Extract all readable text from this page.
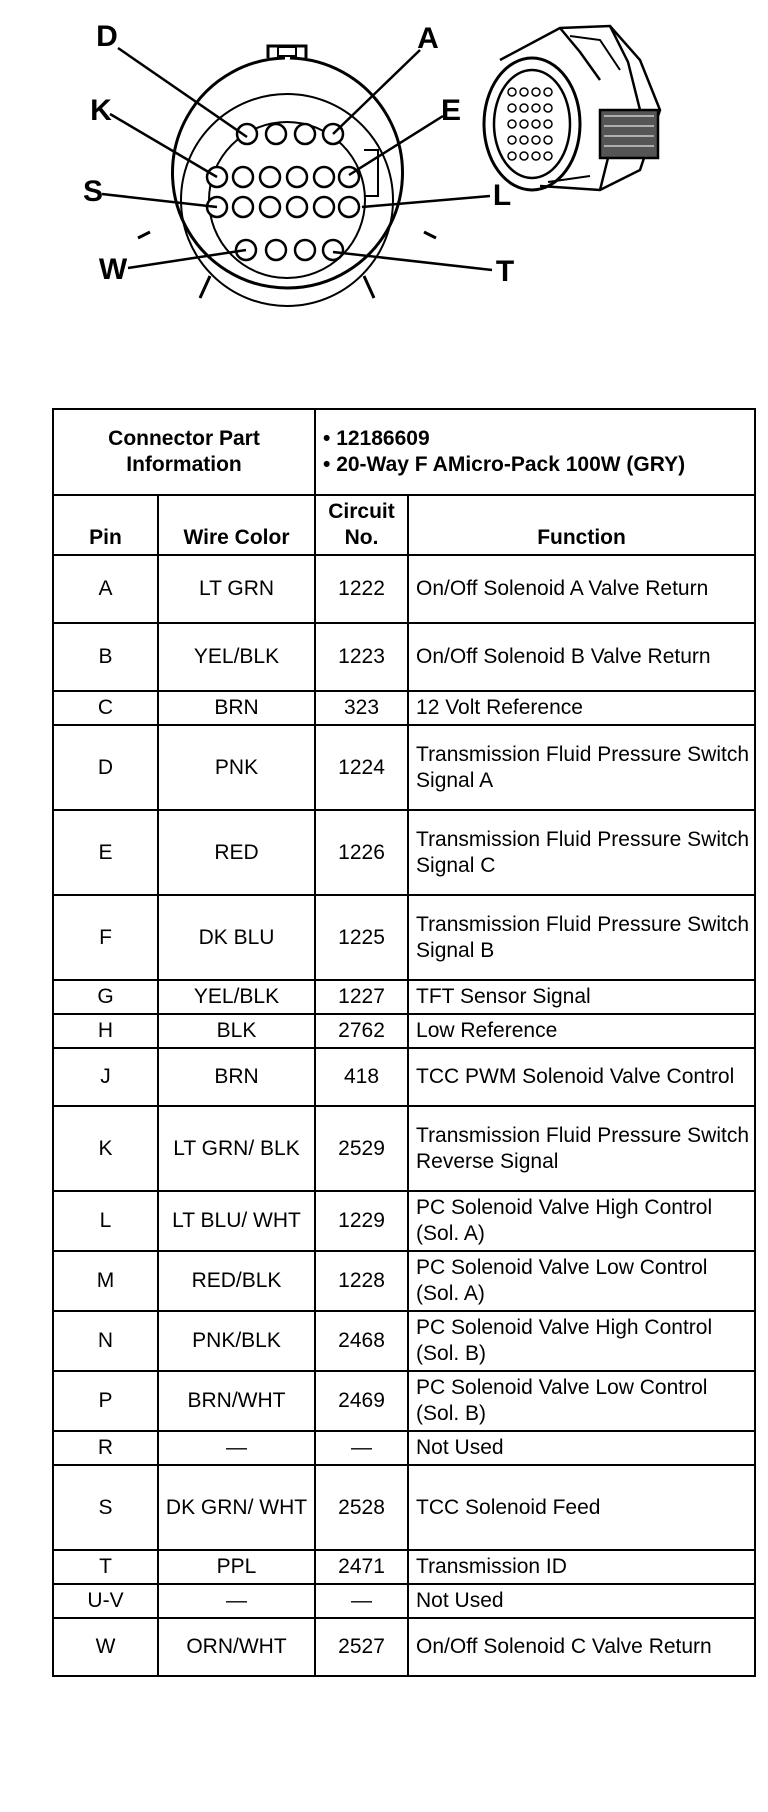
D	A
K	E
S	L
W	T
Connector Part Information		• 12186609
• 20-Way F AMicro-Pack 100W (GRY)

Pin	Wire Color	Circuit No.	Function
A	LT GRN	1222	On/Off Solenoid A Valve Return
B	YEL/BLK	1223	On/Off Solenoid B Valve Return
C	BRN	323	12 Volt Reference
D	PNK	1224	Transmission Fluid Pressure Switch Signal A
E	RED	1226	Transmission Fluid Pressure Switch Signal C
F	DK BLU	1225	Transmission Fluid Pressure Switch Signal B
G	YEL/BLK	1227	TFT Sensor Signal
H	BLK	2762	Low Reference
J	BRN	418	TCC PWM Solenoid Valve Control
K	LT GRN/ BLK	2529	Transmission Fluid Pressure Switch Reverse Signal
L	LT BLU/ WHT	1229	PC Solenoid Valve High Control (Sol. A)
M	RED/BLK	1228	PC Solenoid Valve Low Control (Sol. A)
N	PNK/BLK	2468	PC Solenoid Valve High Control (Sol. B)
P	BRN/WHT	2469	PC Solenoid Valve Low Control (Sol. B)
R	—	—	Not Used
S	DK GRN/ WHT	2528	TCC Solenoid Feed
T	PPL	2471	Transmission ID
U-V	—	—	Not Used
W	ORN/WHT	2527	On/Off Solenoid C Valve Return
